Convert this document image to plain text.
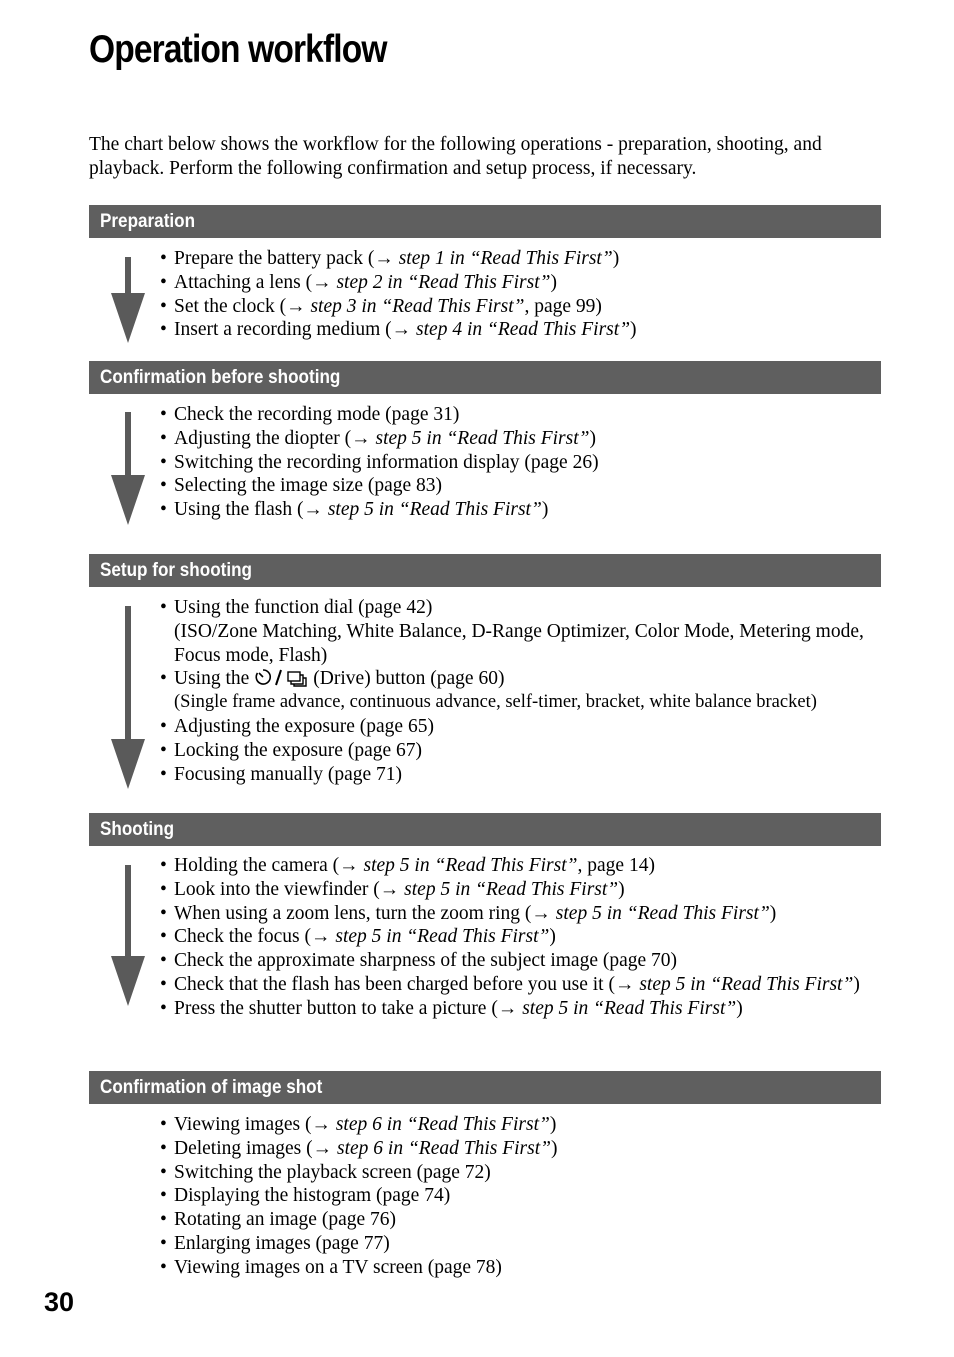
Operation workflow

The chart below shows the workflow for the following operations - preparation, shooting, and playback. Perform the following confirmation and setup process, if necessary.

Preparation
• Prepare the battery pack (→ step 1 in “Read This First”)
• Attaching a lens (→ step 2 in “Read This First”)
• Set the clock (→ step 3 in “Read This First”, page 99)
• Insert a recording medium (→ step 4 in “Read This First”)
Confirmation before shooting
• Check the recording mode (page 31)
• Adjusting the diopter (→ step 5 in “Read This First”)
• Switching the recording information display (page 26)
• Selecting the image size (page 83)
• Using the flash (→ step 5 in “Read This First”)
Setup for shooting
• Using the function dial (page 42)
(ISO/Zone Matching, White Balance, D-Range Optimizer, Color Mode, Metering mode, Focus mode, Flash)
• Using the	(Drive) button (page 60)
(Single frame advance, continuous advance, self-timer, bracket, white balance bracket)
• Adjusting the exposure (page 65)
• Locking the exposure (page 67)
• Focusing manually (page 71)
Shooting
• Holding the camera (→ step 5 in “Read This First”, page 14)
• Look into the viewfinder (→ step 5 in “Read This First”)
• When using a zoom lens, turn the zoom ring (→ step 5 in “Read This First”)
• Check the focus (→ step 5 in “Read This First”)
• Check the approximate sharpness of the subject image (page 70)
• Check that the flash has been charged before you use it (→ step 5 in “Read This First”)
• Press the shutter button to take a picture (→ step 5 in “Read This First”)
Confirmation of image shot
• Viewing images (→ step 6 in “Read This First”)
• Deleting images (→ step 6 in “Read This First”)
• Switching the playback screen (page 72)
• Displaying the histogram (page 74)
• Rotating an image (page 76)
• Enlarging images (page 77)
• Viewing images on a TV screen (page 78)
30
